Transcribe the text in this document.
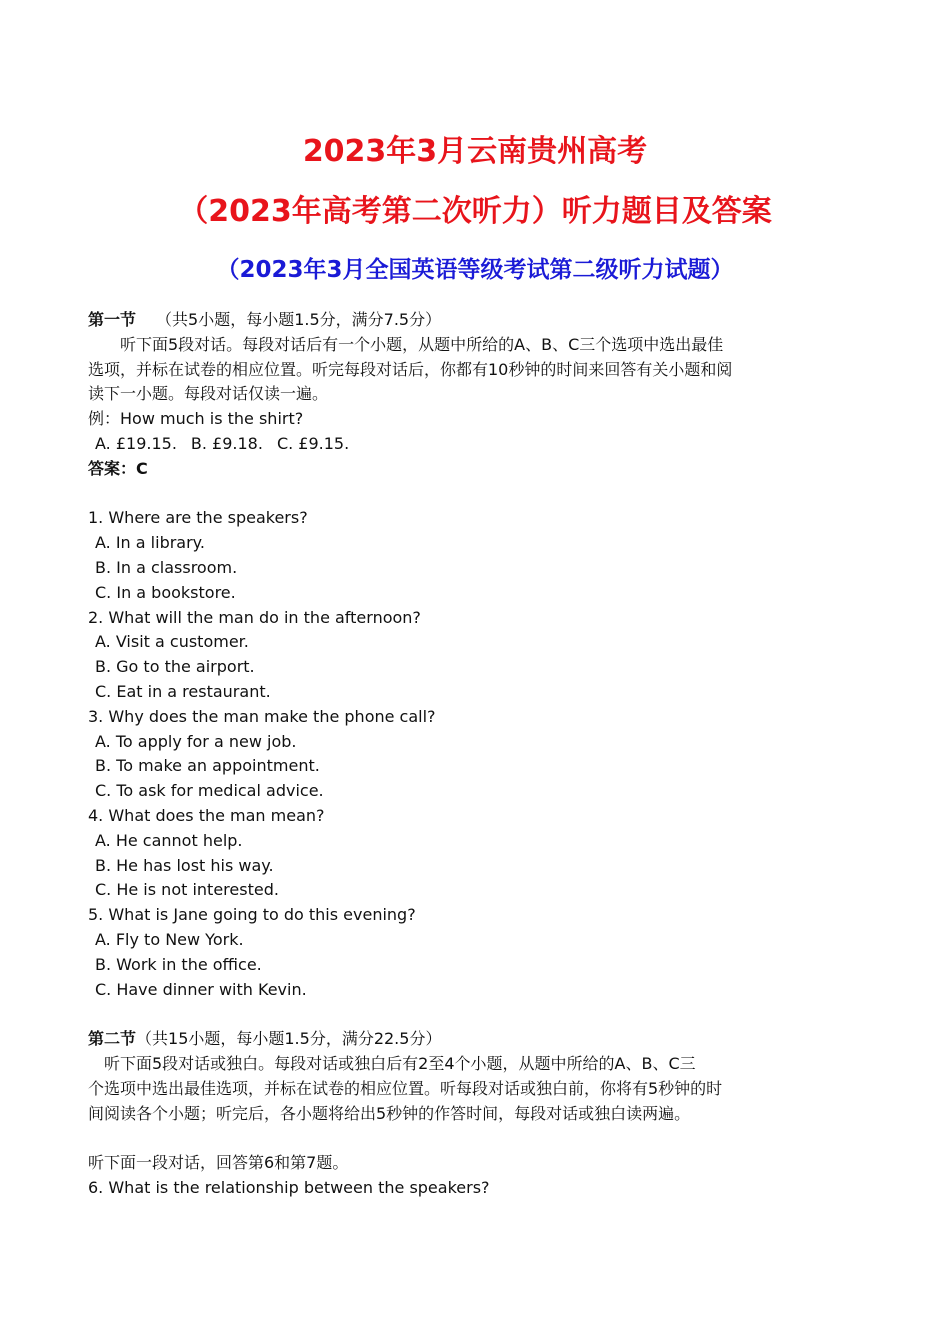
2023年3月云南贵州高考
（2023年高考第二次听力）听力题目及答案
（2023年3月全国英语等级考试第二级听力试题）
第一节 （共5小题，每小题1.5分，满分7.5分）
听下面5段对话。每段对话后有一个小题，从题中所给的A、B、C三个选项中选出最佳
选项，并标在试卷的相应位置。听完每段对话后，你都有10秒钟的时间来回答有关小题和阅
读下一小题。每段对话仅读一遍。
例：How much is the shirt?
A. £19.15. B. £9.18. C. £9.15.
答案：C
1. Where are the speakers?
A. In a library.
B. In a classroom.
C. In a bookstore.
2. What will the man do in the afternoon?
A. Visit a customer.
B. Go to the airport.
C. Eat in a restaurant.
3. Why does the man make the phone call?
A. To apply for a new job.
B. To make an appointment.
C. To ask for medical advice.
4. What does the man mean?
A. He cannot help.
B. He has lost his way.
C. He is not interested.
5. What is Jane going to do this evening?
A. Fly to New York.
B. Work in the office.
C. Have dinner with Kevin.
第二节（共15小题，每小题1.5分，满分22.5分）
听下面5段对话或独白。每段对话或独白后有2至4个小题，从题中所给的A、B、C三
个选项中选出最佳选项，并标在试卷的相应位置。听每段对话或独白前，你将有5秒钟的时
间阅读各个小题；听完后，各小题将给出5秒钟的作答时间，每段对话或独白读两遍。
听下面一段对话，回答第6和第7题。
6. What is the relationship between the speakers?
